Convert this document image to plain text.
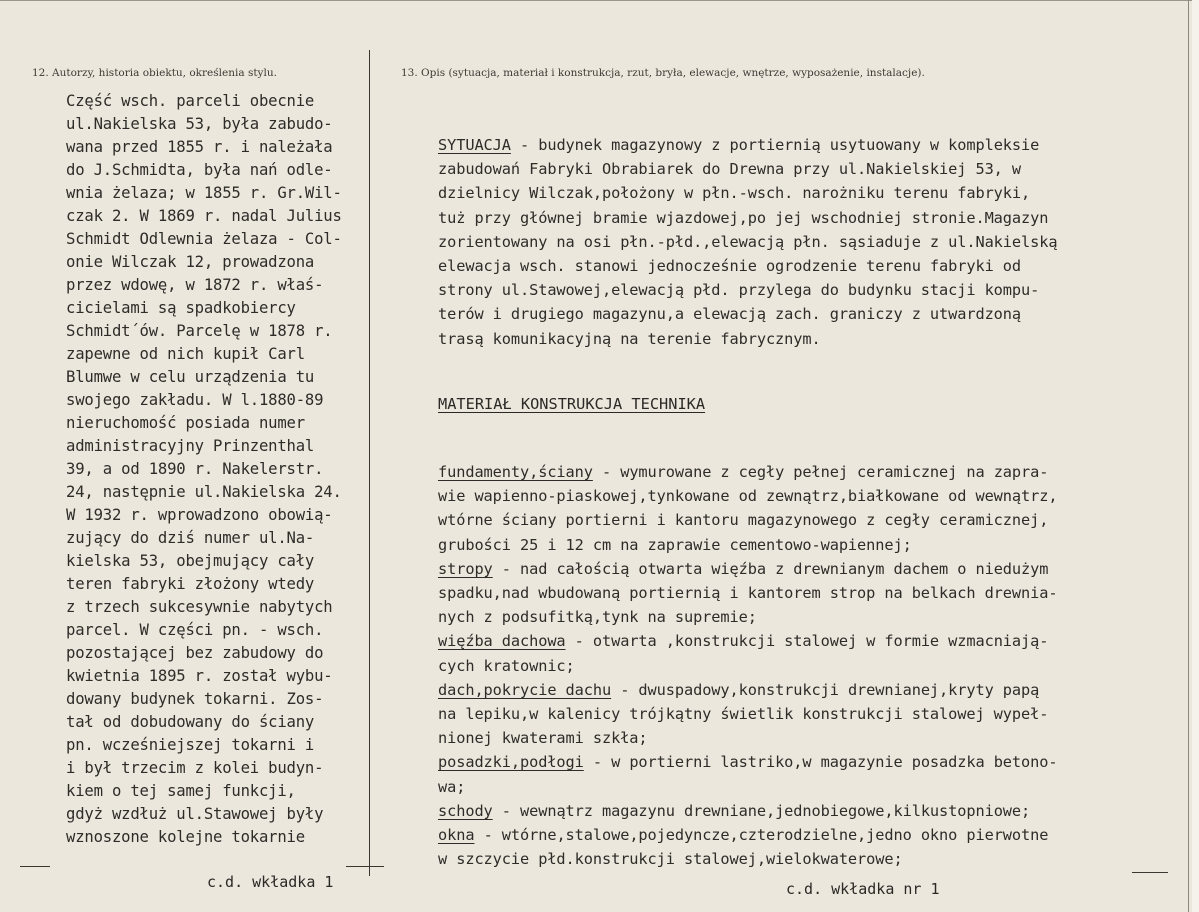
12. Autorzy, historia obiektu, określenia stylu.	13. Opis (sytuacja, materiał i konstrukcja, rzut, bryła, elewacje, wnętrze, wyposażenie, instalacje).
Część wsch. parceli obecnie
ul.Nakielska 53, była zabudo-
wana przed 1855 r. i należała
do J.Schmidta, była nań odle-
wnia żelaza; w 1855 r. Gr.Wil-
czak 2. W 1869 r. nadal Julius
Schmidt Odlewnia żelaza - Col-
onie Wilczak 12, prowadzona
przez wdowę, w 1872 r. właś-
cicielami są spadkobiercy
Schmidt´ów. Parcelę w 1878 r.
zapewne od nich kupił Carl
Blumwe w celu urządzenia tu
swojego zakładu. W l.1880-89
nieruchomość posiada numer
administracyjny Prinzenthal
39, a od 1890 r. Nakelerstr.
24, następnie ul.Nakielska 24.
W 1932 r. wprowadzono obowią-
zujący do dziś numer ul.Na-
kielska 53, obejmujący cały
teren fabryki złożony wtedy
z trzech sukcesywnie nabytych
parcel. W części pn. - wsch.
pozostającej bez zabudowy do
kwietnia 1895 r. został wybu-
dowany budynek tokarni. Zos-
tał od dobudowany do ściany
pn. wcześniejszej tokarni i
i był trzecim z kolei budyn-
kiem o tej samej funkcji,
gdyż wzdłuż ul.Stawowej były
wznoszone kolejne tokarnie
SYTUACJA - budynek magazynowy z portiernią usytuowany w kompleksie
zabudowań Fabryki Obrabiarek do Drewna przy ul.Nakielskiej 53, w
dzielnicy Wilczak,położony w płn.-wsch. narożniku terenu fabryki,
tuż przy głównej bramie wjazdowej,po jej wschodniej stronie.Magazyn
zorientowany na osi płn.-płd.,elewacją płn. sąsiaduje z ul.Nakielską
elewacja wsch. stanowi jednocześnie ogrodzenie terenu fabryki od
strony ul.Stawowej,elewacją płd. przylega do budynku stacji kompu-
terów i drugiego magazynu,a elewacją zach. graniczy z utwardzoną
trasą komunikacyjną na terenie fabrycznym.
MATERIAŁ KONSTRUKCJA TECHNIKA
fundamenty,ściany - wymurowane z cegły pełnej ceramicznej na zapra-
wie wapienno-piaskowej,tynkowane od zewnątrz,białkowane od wewnątrz,
wtórne ściany portierni i kantoru magazynowego z cegły ceramicznej,
grubości 25 i 12 cm na zaprawie cementowo-wapiennej;
stropy - nad całością otwarta więźba z drewnianym dachem o niedużym
spadku,nad wbudowaną portiernią i kantorem strop na belkach drewnia-
nych z podsufitką,tynk na supremie;
więźba dachowa - otwarta ,konstrukcji stalowej w formie wzmacniają-
cych kratownic;
dach,pokrycie dachu - dwuspadowy,konstrukcji drewnianej,kryty papą
na lepiku,w kalenicy trójkątny świetlik konstrukcji stalowej wypeł-
nionej kwaterami szkła;
posadzki,podłogi - w portierni lastriko,w magazynie posadzka betono-
wa;
schody - wewnątrz magazynu drewniane,jednobiegowe,kilkustopniowe;
okna - wtórne,stalowe,pojedyncze,czterodzielne,jedno okno pierwotne
w szczycie płd.konstrukcji stalowej,wielokwaterowe;
c.d. wkładka 1	c.d. wkładka nr 1
